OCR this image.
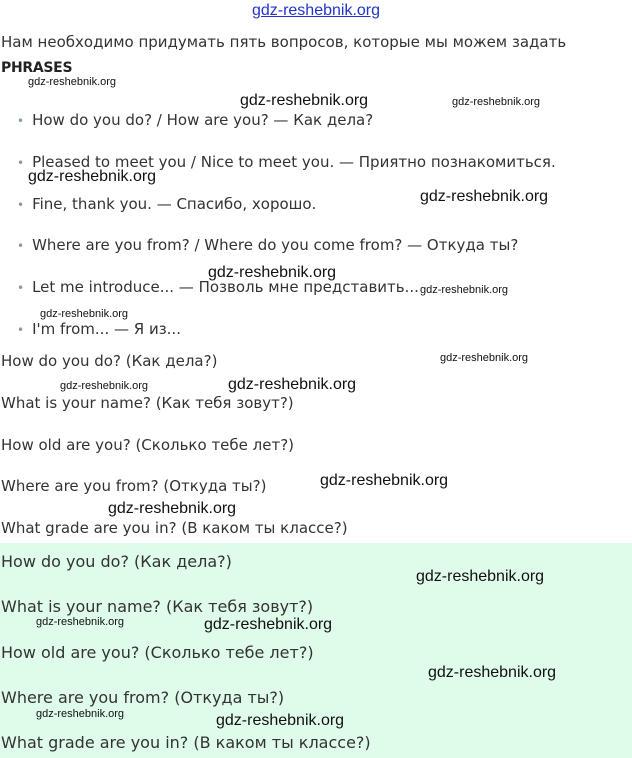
gdz-reshebnik.org
Нам необходимо придумать пять вопросов, которые мы можем задать
PHRASES
• How do you do? / How are you? — Как дела?
• Pleased to meet you / Nice to meet you. — Приятно познакомиться.
• Fine, thank you. — Спасибо, хорошо.
• Where are you from? / Where do you come from? — Откуда ты?
• Let me introduce... — Позволь мне представить...
• I'm from... — Я из...
How do you do? (Как дела?)
What is your name? (Как тебя зовут?)
How old are you? (Сколько тебе лет?)
Where are you from? (Откуда ты?)
What grade are you in? (В каком ты классе?)
How do you do? (Как дела?)
What is your name? (Как тебя зовут?)
How old are you? (Сколько тебе лет?)
Where are you from? (Откуда ты?)
What grade are you in? (В каком ты классе?)
gdz-reshebnik.org
gdz-reshebnik.org	gdz-reshebnik.org
gdz-reshebnik.org
gdz-reshebnik.org
gdz-reshebnik.org
gdz-reshebnik.org
gdz-reshebnik.org
gdz-reshebnik.org
gdz-reshebnik.org	gdz-reshebnik.org
gdz-reshebnik.org
gdz-reshebnik.org
gdz-reshebnik.org
gdz-reshebnik.org	gdz-reshebnik.org
gdz-reshebnik.org
gdz-reshebnik.org	gdz-reshebnik.org
